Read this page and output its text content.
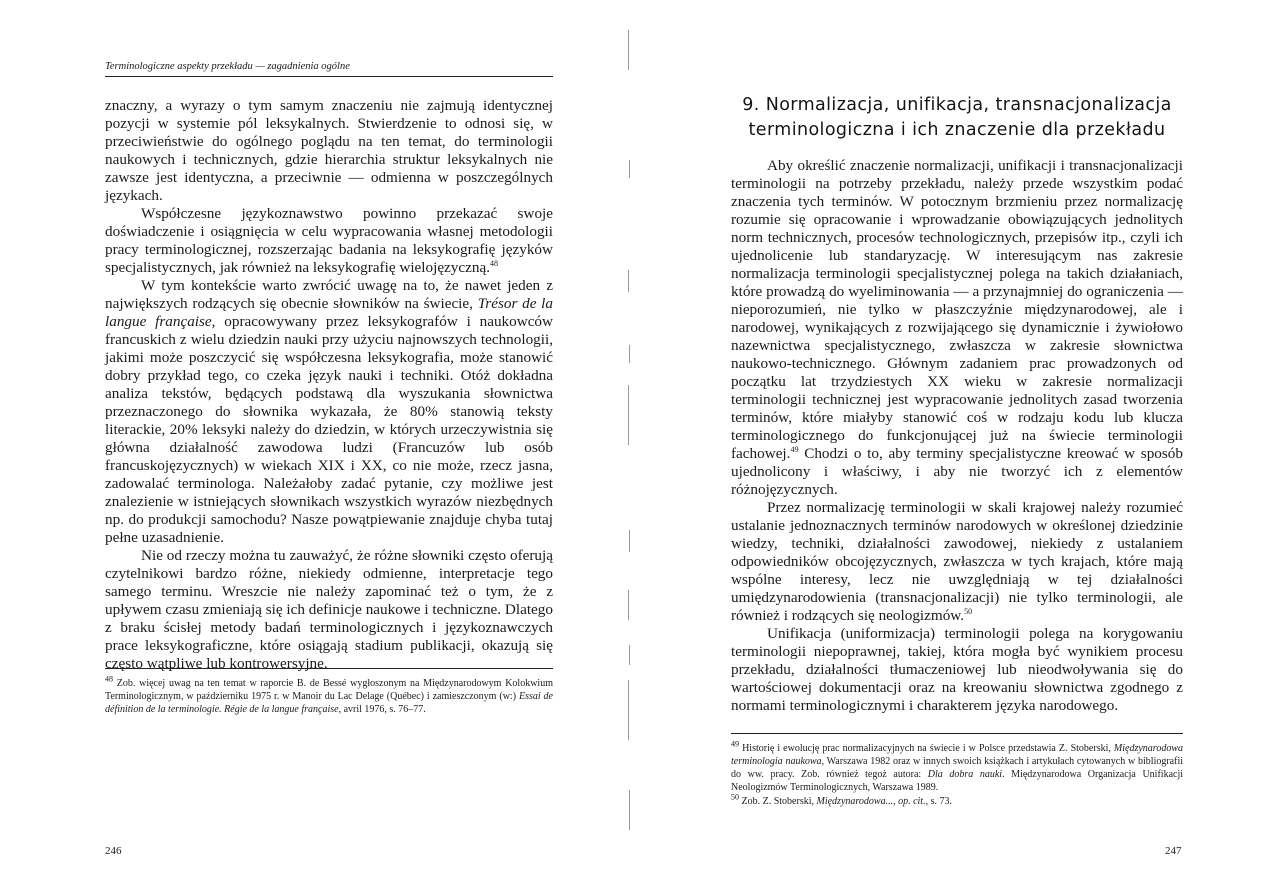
Terminologiczne aspekty przekładu — zagadnienia ogólne

znaczny, a wyrazy o tym samym znaczeniu nie zajmują identycznej pozycji w systemie pól leksykalnych. Stwierdzenie to odnosi się, w przeciwieństwie do ogólnego poglądu na ten temat, do terminologii naukowych i technicznych, gdzie hierarchia struktur leksykalnych nie zawsze jest identyczna, a przeciwnie — odmienna w poszczególnych językach.

Współczesne językoznawstwo powinno przekazać swoje doświadczenie i osiągnięcia w celu wypracowania własnej metodologii pracy terminologicznej, rozszerzając badania na leksykografię języków specjalistycznych, jak również na leksykografię wielojęzyczną.$^{48}$

W tym kontekście warto zwrócić uwagę na to, że nawet jeden z największych rodzących się obecnie słowników na świecie, Trésor de la langue française, opracowywany przez leksykografów i naukowców francuskich z wielu dziedzin nauki przy użyciu najnowszych technologii, jakimi może poszczycić się współczesna leksykografia, może stanowić dobry przykład tego, co czeka język nauki i techniki. Otóż dokładna analiza tekstów, będących podstawą dla wyszukania słownictwa przeznaczonego do słownika wykazała, że 80% stanowią teksty literackie, 20% leksyki należy do dziedzin, w których urzeczywistnia się główna działalność zawodowa ludzi (Francuzów lub osób francuskojęzycznych) w wiekach XIX i XX, co nie może, rzecz jasna, zadowalać terminologa. Należałoby zadać pytanie, czy możliwe jest znalezienie w istniejących słownikach wszystkich wyrazów niezbędnych np. do produkcji samochodu? Nasze powątpiewanie znajduje chyba tutaj pełne uzasadnienie.

Nie od rzeczy można tu zauważyć, że różne słowniki często oferują czytelnikowi bardzo różne, niekiedy odmienne, interpretacje tego samego terminu. Wreszcie nie należy zapominać też o tym, że z upływem czasu zmieniają się ich definicje naukowe i techniczne. Dlatego z braku ścisłej metody badań terminologicznych i językoznawczych prace leksykograficzne, które osiągają stadium publikacji, okazują się często wątpliwe lub kontrowersyjne.

$^{48}$ Zob. więcej uwag na ten temat w raporcie B. de Bessé wygłoszonym na Międzynarodowym Kolokwium Terminologicznym, w październiku 1975 r. w Manoir du Lac Delage (Québec) i zamieszczonym (w:) Essai de définition de la terminologie. Régie de la langue française, avril 1976, s. 76–77.

246
9. Normalizacja, unifikacja, transnacjonalizacja
terminologiczna i ich znaczenie dla przekładu

Aby określić znaczenie normalizacji, unifikacji i transnacjonalizacji terminologii na potrzeby przekładu, należy przede wszystkim podać znaczenia tych terminów. W potocznym brzmieniu przez normalizację rozumie się opracowanie i wprowadzanie obowiązujących jednolitych norm technicznych, procesów technologicznych, przepisów itp., czyli ich ujednolicenie lub standaryzację. W interesującym nas zakresie normalizacja terminologii specjalistycznej polega na takich działaniach, które prowadzą do wyeliminowania — a przynajmniej do ograniczenia — nieporozumień, nie tylko w płaszczyźnie międzynarodowej, ale i narodowej, wynikających z rozwijającego się dynamicznie i żywiołowo nazewnictwa specjalistycznego, zwłaszcza w zakresie słownictwa naukowo-technicznego. Głównym zadaniem prac prowadzonych od początku lat trzydziestych XX wieku w zakresie normalizacji terminologii technicznej jest wypracowanie jednolitych zasad tworzenia terminów, które miałyby stanowić coś w rodzaju kodu lub klucza terminologicznego do funkcjonującej już na świecie terminologii fachowej.$^{49}$ Chodzi o to, aby terminy specjalistyczne kreować w sposób ujednolicony i właściwy, i aby nie tworzyć ich z elementów różnojęzycznych.

Przez normalizację terminologii w skali krajowej należy rozumieć ustalanie jednoznacznych terminów narodowych w określonej dziedzinie wiedzy, techniki, działalności zawodowej, niekiedy z ustalaniem odpowiedników obcojęzycznych, zwłaszcza w tych krajach, które mają wspólne interesy, lecz nie uwzględniają w tej działalności umiędzynarodowienia (transnacjonalizacji) nie tylko terminologii, ale również i rodzących się neologizmów.$^{50}$

Unifikacja (uniformizacja) terminologii polega na korygowaniu terminologii niepoprawnej, takiej, która mogła być wynikiem procesu przekładu, działalności tłumaczeniowej lub nieodwoływania się do wartościowej dokumentacji oraz na kreowaniu słownictwa zgodnego z normami terminologicznymi i charakterem języka narodowego.

$^{49}$ Historię i ewolucję prac normalizacyjnych na świecie i w Polsce przedstawia Z. Stoberski, Międzynarodowa terminologia naukowa, Warszawa 1982 oraz w innych swoich książkach i artykułach cytowanych w bibliografii do ww. pracy. Zob. również tegoż autora: Dla dobra nauki. Międzynarodowa Organizacja Unifikacji Neologizmów Terminologicznych, Warszawa 1989.

$^{50}$ Zob. Z. Stoberski, Międzynarodowa..., op. cit., s. 73.

247
